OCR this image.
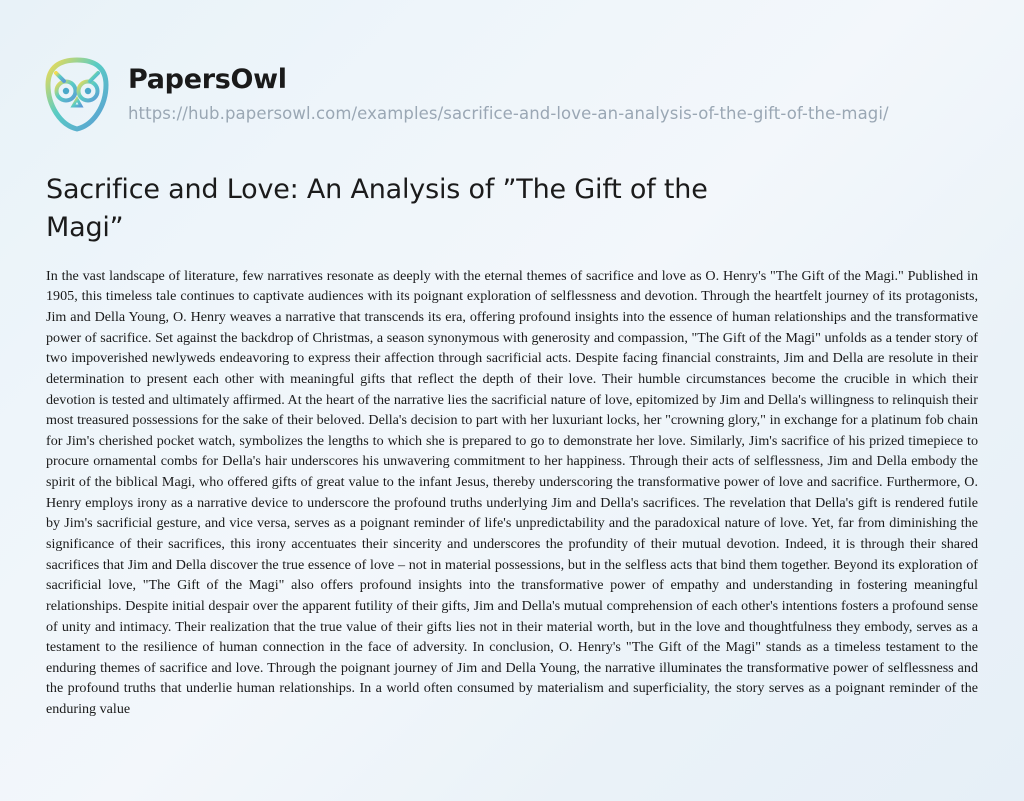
PapersOwl
https://hub.papersowl.com/examples/sacrifice-and-love-an-analysis-of-the-gift-of-the-magi/
Sacrifice and Love: An Analysis of ”The Gift of the Magi”

In the vast landscape of literature, few narratives resonate as deeply with the eternal themes of sacrifice and love as O. Henry's "The Gift of the Magi." Published in 1905, this timeless tale continues to captivate audiences with its poignant exploration of selflessness and devotion. Through the heartfelt journey of its protagonists, Jim and Della Young, O. Henry weaves a narrative that transcends its era, offering profound insights into the essence of human relationships and the transformative power of sacrifice. Set against the backdrop of Christmas, a season synonymous with generosity and compassion, "The Gift of the Magi" unfolds as a tender story of two impoverished newlyweds endeavoring to express their affection through sacrificial acts. Despite facing financial constraints, Jim and Della are resolute in their determination to present each other with meaningful gifts that reflect the depth of their love. Their humble circumstances become the crucible in which their devotion is tested and ultimately affirmed. At the heart of the narrative lies the sacrificial nature of love, epitomized by Jim and Della's willingness to relinquish their most treasured possessions for the sake of their beloved. Della's decision to part with her luxuriant locks, her "crowning glory," in exchange for a platinum fob chain for Jim's cherished pocket watch, symbolizes the lengths to which she is prepared to go to demonstrate her love. Similarly, Jim's sacrifice of his prized timepiece to procure ornamental combs for Della's hair underscores his unwavering commitment to her happiness. Through their acts of selflessness, Jim and Della embody the spirit of the biblical Magi, who offered gifts of great value to the infant Jesus, thereby underscoring the transformative power of love and sacrifice. Furthermore, O. Henry employs irony as a narrative device to underscore the profound truths underlying Jim and Della's sacrifices. The revelation that Della's gift is rendered futile by Jim's sacrificial gesture, and vice versa, serves as a poignant reminder of life's unpredictability and the paradoxical nature of love. Yet, far from diminishing the significance of their sacrifices, this irony accentuates their sincerity and underscores the profundity of their mutual devotion. Indeed, it is through their shared sacrifices that Jim and Della discover the true essence of love – not in material possessions, but in the selfless acts that bind them together. Beyond its exploration of sacrificial love, "The Gift of the Magi" also offers profound insights into the transformative power of empathy and understanding in fostering meaningful relationships. Despite initial despair over the apparent futility of their gifts, Jim and Della's mutual comprehension of each other's intentions fosters a profound sense of unity and intimacy. Their realization that the true value of their gifts lies not in their material worth, but in the love and thoughtfulness they embody, serves as a testament to the resilience of human connection in the face of adversity. In conclusion, O. Henry's "The Gift of the Magi" stands as a timeless testament to the enduring themes of sacrifice and love. Through the poignant journey of Jim and Della Young, the narrative illuminates the transformative power of selflessness and the profound truths that underlie human relationships. In a world often consumed by materialism and superficiality, the story serves as a poignant reminder of the enduring value
